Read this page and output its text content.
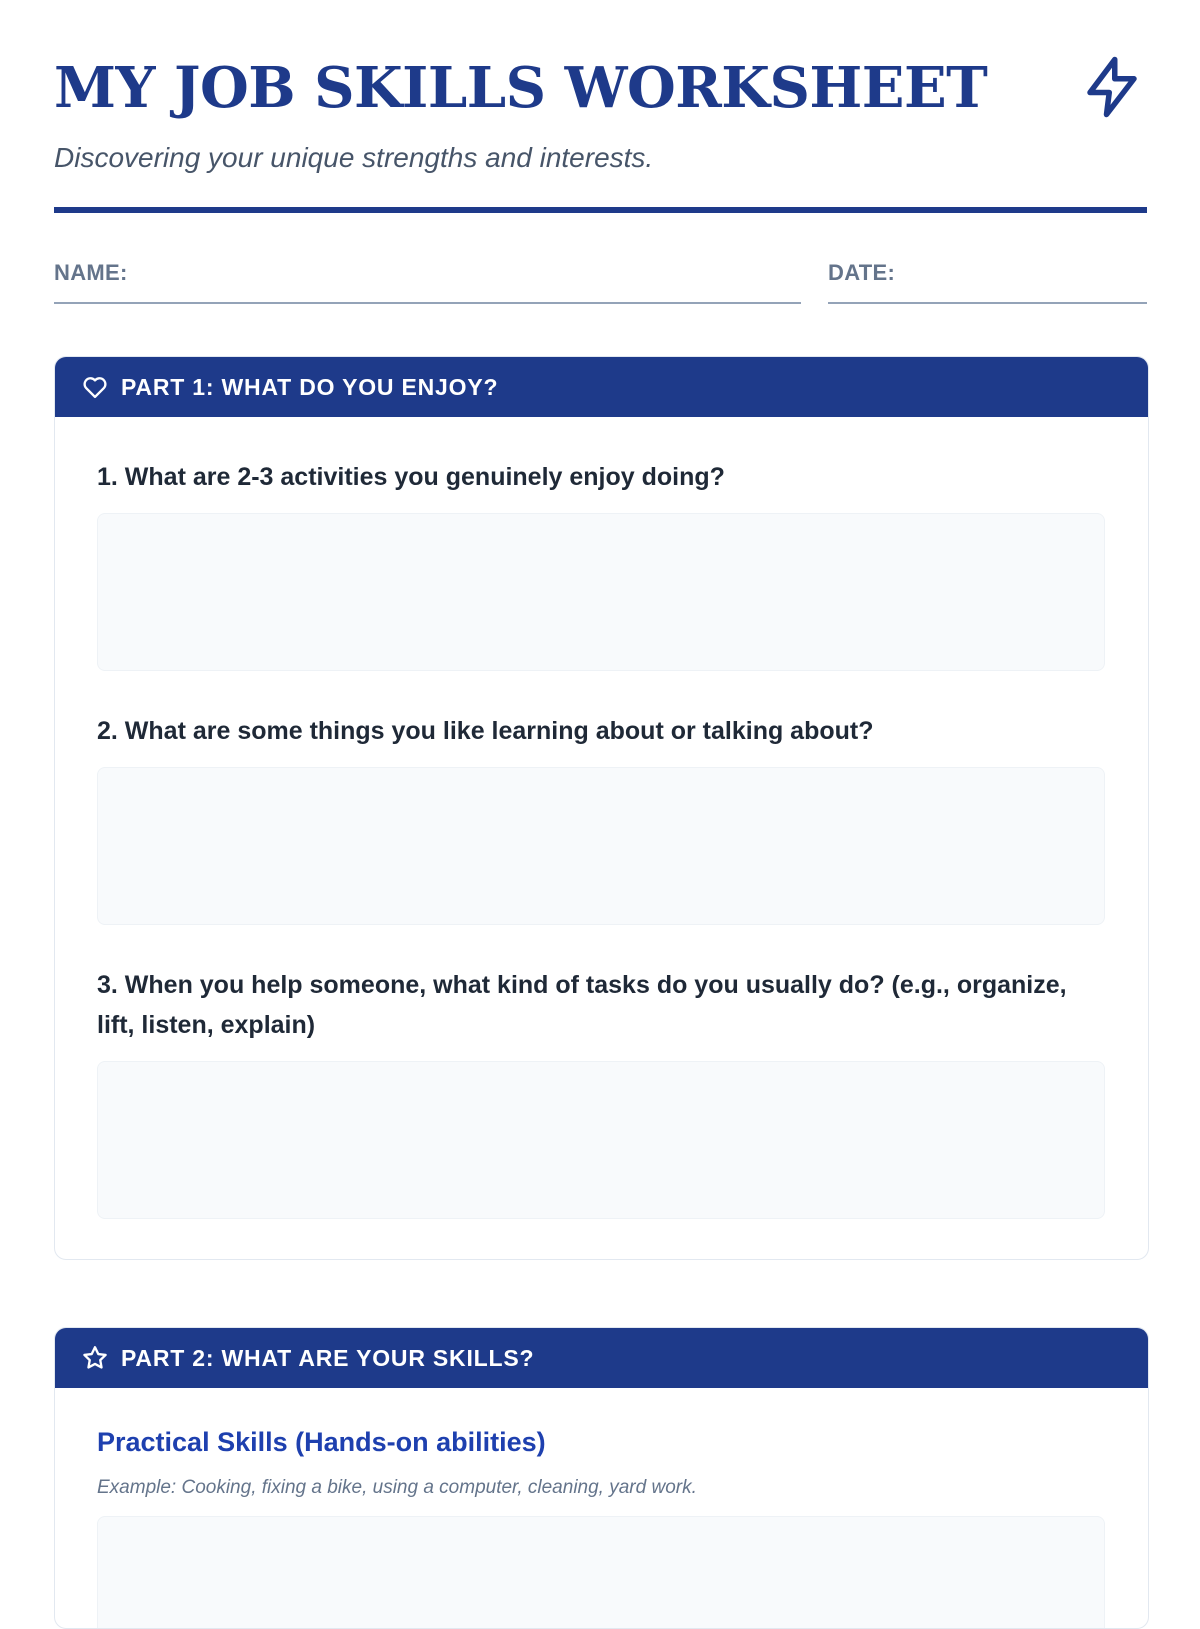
MY JOB SKILLS WORKSHEET

Discovering your unique strengths and interests.

NAME:	DATE:
PART 1: WHAT DO YOU ENJOY?
1. What are 2-3 activities you genuinely enjoy doing?
2. What are some things you like learning about or talking about?
3. When you help someone, what kind of tasks do you usually do? (e.g., organize, lift, listen, explain)
PART 2: WHAT ARE YOUR SKILLS?
Practical Skills (Hands-on abilities)
Example: Cooking, fixing a bike, using a computer, cleaning, yard work.
